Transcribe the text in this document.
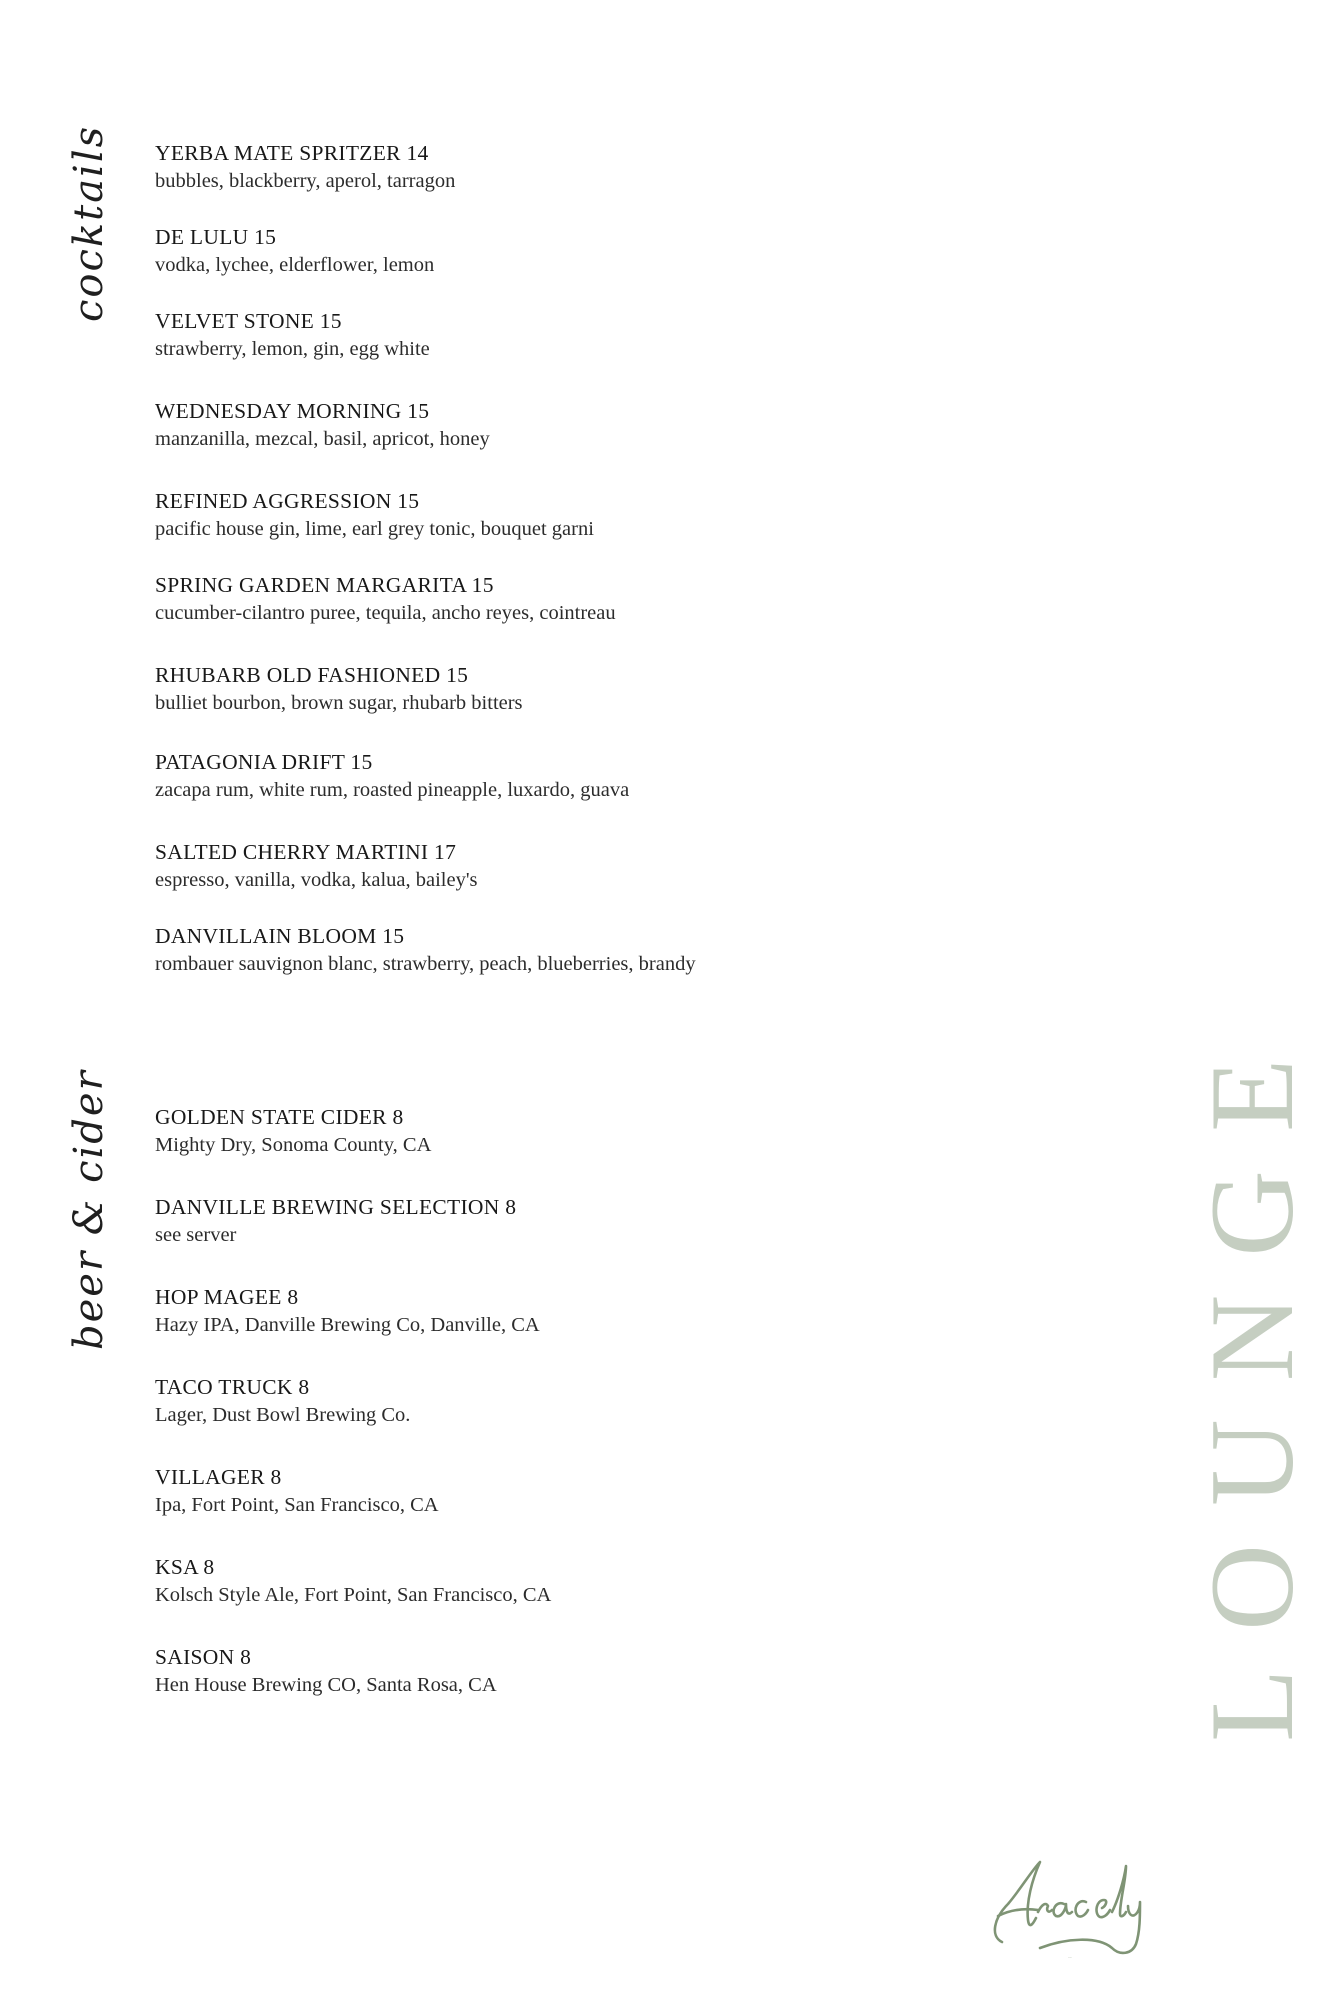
cocktails YERBA MATE SPRITZER 14
bubbles, blackberry, aperol, tarragon
DE LULU 15
vodka, lychee, elderflower, lemon
VELVET STONE 15
strawberry, lemon, gin, egg white
WEDNESDAY MORNING 15
manzanilla, mezcal, basil, apricot, honey
REFINED AGGRESSION 15
pacific house gin, lime, earl grey tonic, bouquet garni
SPRING GARDEN MARGARITA 15
cucumber-cilantro puree, tequila, ancho reyes, cointreau
RHUBARB OLD FASHIONED 15
bulliet bourbon, brown sugar, rhubarb bitters
PATAGONIA DRIFT 15
zacapa rum, white rum, roasted pineapple, luxardo, guava
SALTED CHERRY MARTINI 17
espresso, vanilla, vodka, kalua, bailey's
DANVILLAIN BLOOM 15
rombauer sauvignon blanc, strawberry, peach, blueberries, brandy
beer & cider GOLDEN STATE CIDER 8
Mighty Dry, Sonoma County, CA
DANVILLE BREWING SELECTION 8
see server
HOP MAGEE 8
Hazy IPA, Danville Brewing Co, Danville, CA
TACO TRUCK 8
Lager, Dust Bowl Brewing Co.
VILLAGER 8
Ipa, Fort Point, San Francisco, CA
KSA 8
Kolsch Style Ale, Fort Point, San Francisco, CA
SAISON 8
Hen House Brewing CO, Santa Rosa, CA	LOUNGE
Aracely
